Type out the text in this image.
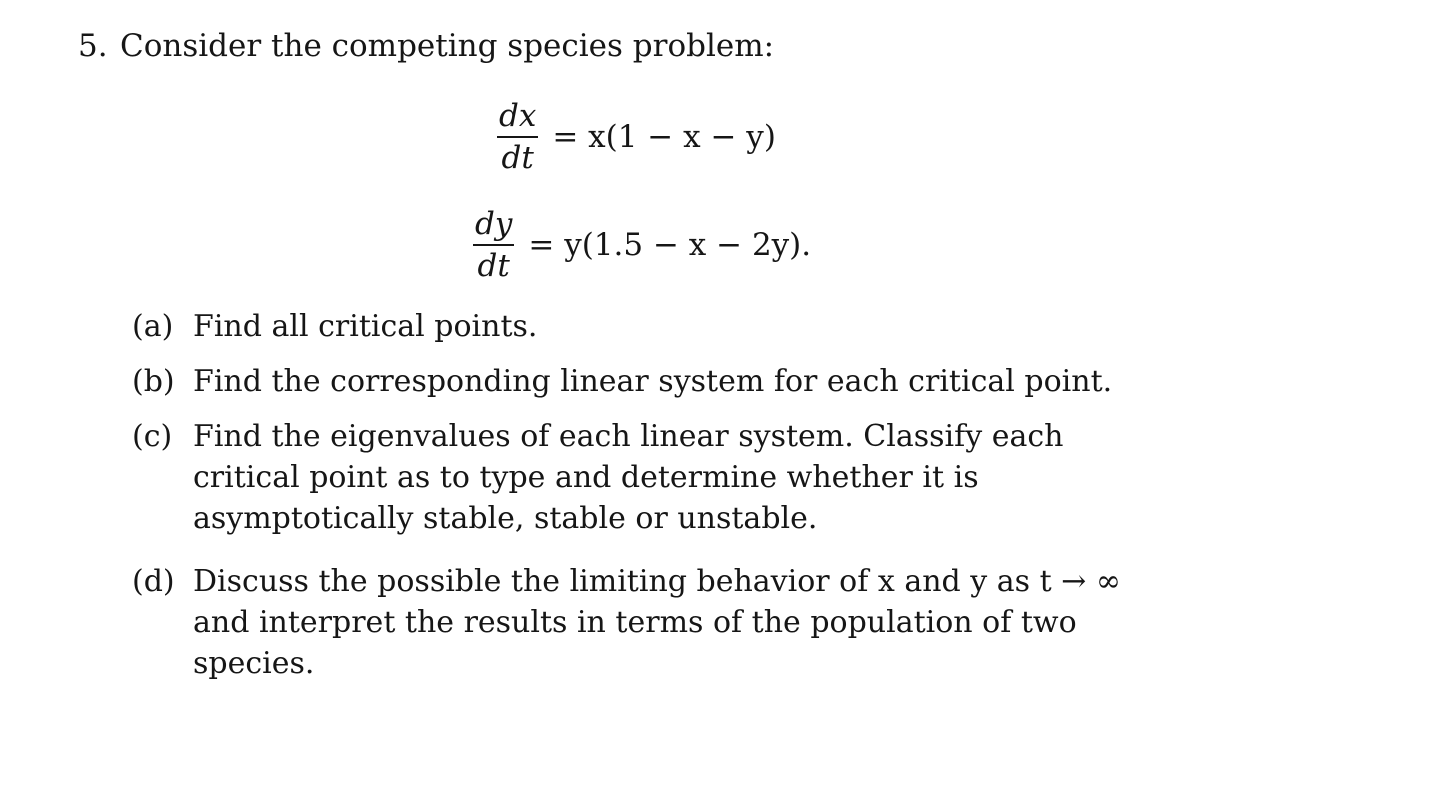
5. Consider the competing species problem:
$\frac{dx}{dt} = x(1 - x - y)$
$\frac{dy}{dt} = y(1.5 - x - 2y)$.
(a) Find all critical points.
(b) Find the corresponding linear system for each critical point.
(c) Find the eigenvalues of each linear system. Classify each critical point as to type and determine whether it is asymptotically stable, stable or unstable.
(d) Discuss the possible the limiting behavior of x and y as t → ∞ and interpret the results in terms of the population of two species.
